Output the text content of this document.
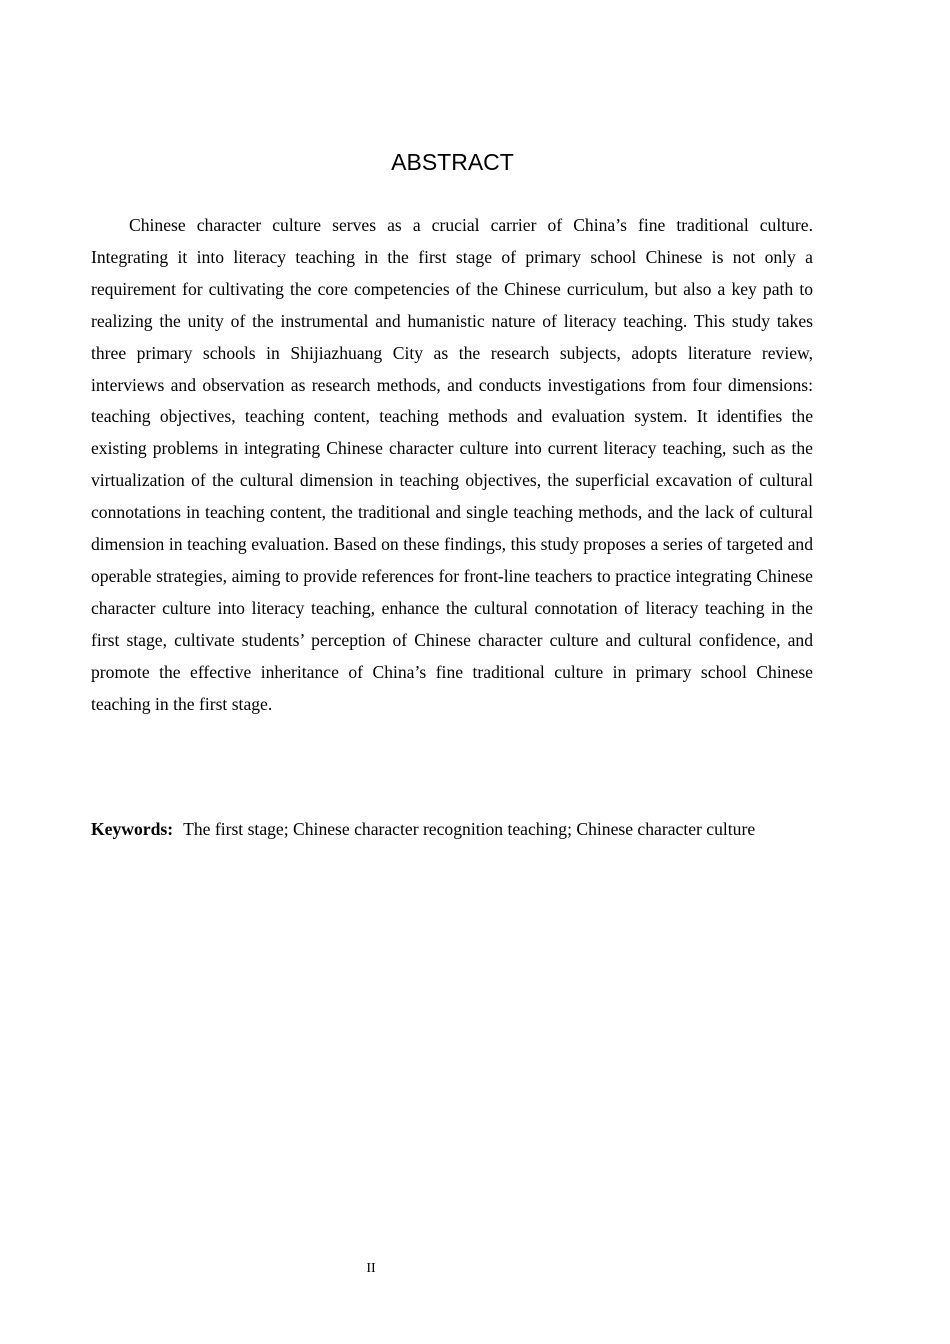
ABSTRACT

Chinese character culture serves as a crucial carrier of China’s fine traditional culture. Integrating it into literacy teaching in the first stage of primary school Chinese is not only a requirement for cultivating the core competencies of the Chinese curriculum, but also a key path to realizing the unity of the instrumental and humanistic nature of literacy teaching. This study takes three primary schools in Shijiazhuang City as the research subjects, adopts literature review, interviews and observation as research methods, and conducts investigations from four dimensions: teaching objectives, teaching content, teaching methods and evaluation system. It identifies the existing problems in integrating Chinese character culture into current literacy teaching, such as the virtualization of the cultural dimension in teaching objectives, the superficial excavation of cultural connotations in teaching content, the traditional and single teaching methods, and the lack of cultural dimension in teaching evaluation. Based on these findings, this study proposes a series of targeted and operable strategies, aiming to provide references for front-line teachers to practice integrating Chinese character culture into literacy teaching, enhance the cultural connotation of literacy teaching in the first stage, cultivate students’ perception of Chinese character culture and cultural confidence, and promote the effective inheritance of China’s fine traditional culture in primary school Chinese teaching in the first stage.

Keywords: The first stage; Chinese character recognition teaching; Chinese character culture

II
